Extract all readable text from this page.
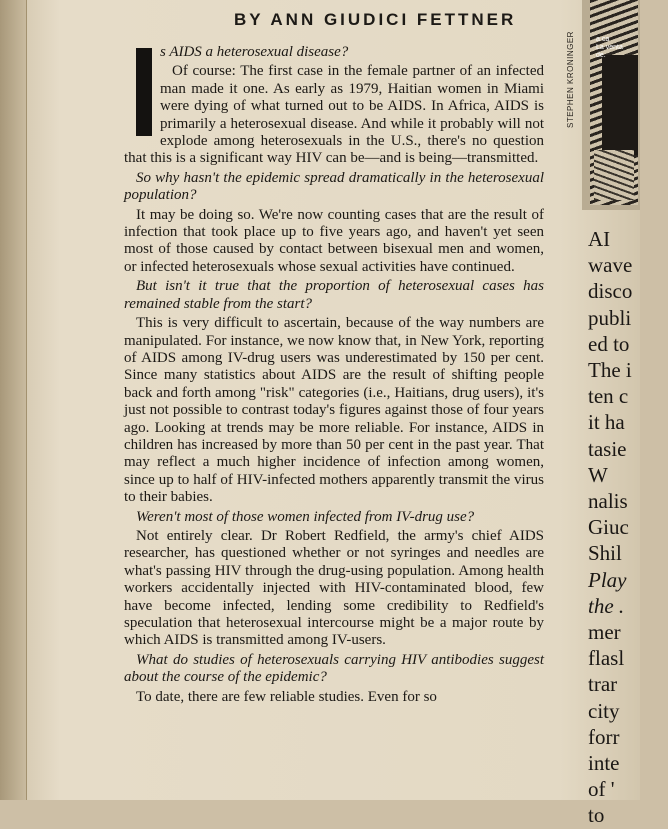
BY ANN GIUDICI FETTNER
a ca
La venta
de.
STEPHEN KRONINGER

s AIDS a heterosexual disease?

Of course: The first case in the female partner of an infected man made it one. As early as 1979, Haitian women in Miami were dying of what turned out to be AIDS. In Africa, AIDS is primarily a heterosexual disease. And while it probably will not explode among heterosexuals in the U.S., there's no question that this is a significant way HIV can be—and is being—transmitted.

So why hasn't the epidemic spread dramatically in the heterosexual population?

It may be doing so. We're now counting cases that are the result of infection that took place up to five years ago, and haven't yet seen most of those caused by contact between bisexual men and women, or infected heterosexuals whose sexual activities have continued.

But isn't it true that the proportion of heterosexual cases has remained stable from the start?

This is very difficult to ascertain, because of the way numbers are manipulated. For instance, we now know that, in New York, reporting of AIDS among IV-drug users was underestimated by 150 per cent. Since many statistics about AIDS are the result of shifting people back and forth among "risk" categories (i.e., Haitians, drug users), it's just not possible to contrast today's figures against those of four years ago. Looking at trends may be more reliable. For instance, AIDS in children has increased by more than 50 per cent in the past year. That may reflect a much higher incidence of infection among women, since up to half of HIV-infected mothers apparently transmit the virus to their babies.

Weren't most of those women infected from IV-drug use?

Not entirely clear. Dr Robert Redfield, the army's chief AIDS researcher, has questioned whether or not syringes and needles are what's passing HIV through the drug-using population. Among health workers accidentally injected with HIV-contaminated blood, few have become infected, lending some credibility to Redfield's speculation that heterosexual intercourse might be a major route by which AIDS is transmitted among IV-users.

What do studies of heterosexuals carrying HIV antibodies suggest about the course of the epidemic?

To date, there are few reliable studies. Even for so

AI
wave
disco
publi
ed to
The i
ten c
it ha
tasie
W
nalis
Giuc
Shil
Play
the .
mer
flasl
trar
city
forr
inte
of '
to
